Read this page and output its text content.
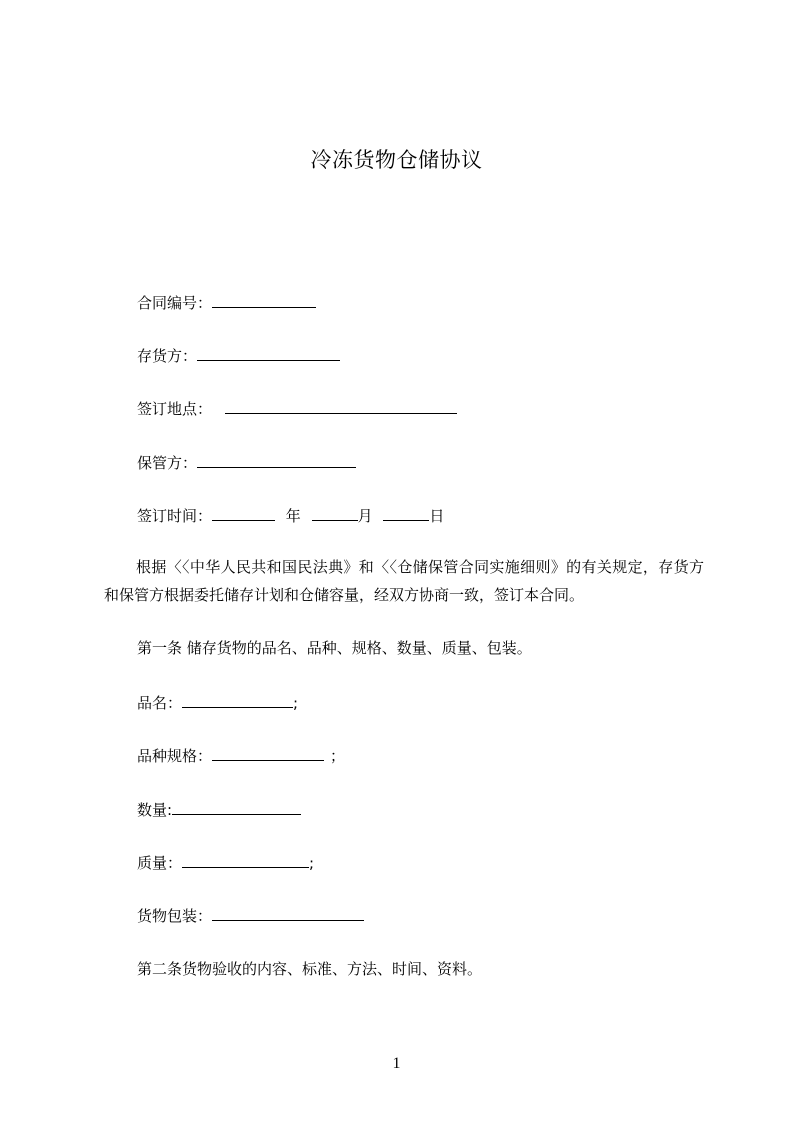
冷冻货物仓储协议
合同编号：
存货方：
签订地点：
保管方：
签订时间：	年	月	日
根据〈〈中华人民共和国民法典》和〈〈仓储保管合同实施细则》的有关规定，存货方和保管方根据委托储存计划和仓储容量，经双方协商一致，签订本合同。
第一条 储存货物的品名、品种、规格、数量、质量、包装。
品名：	;
品种规格：	；
数量:
质量：	;
货物包装：
第二条货物验收的内容、标准、方法、时间、资料。
1
